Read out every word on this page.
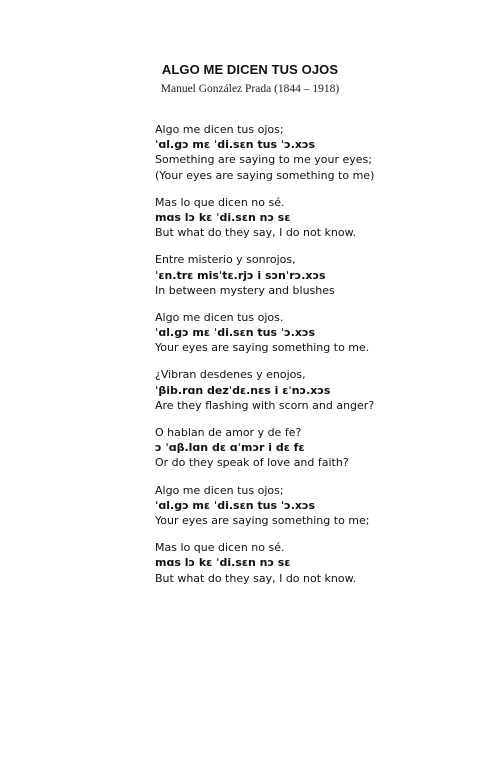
ALGO ME DICEN TUS OJOS
Manuel González Prada (1844 – 1918)
Algo me dicen tus ojos;
ˈɑl.gɔ mɛ ˈdi.sɛn tus ˈɔ.xɔs
Something are saying to me your eyes;
(Your eyes are saying something to me)
Mas lo que dicen no sé.
mɑs lɔ kɛ ˈdi.sɛn nɔ sɛ
But what do they say, I do not know.
Entre misterio y sonrojos,
ˈɛn.trɛ misˈtɛ.rjɔ i sɔnˈrɔ.xɔs
In between mystery and blushes
Algo me dicen tus ojos.
ˈɑl.gɔ mɛ ˈdi.sɛn tus ˈɔ.xɔs
Your eyes are saying something to me.
¿Vibran desdenes y enojos,
ˈβib.rɑn dezˈdɛ.nɛs i ɛˈnɔ.xɔs
Are they flashing with scorn and anger?
O hablan de amor y de fe?
ɔ ˈɑβ.lɑn dɛ ɑˈmɔr i dɛ fɛ
Or do they speak of love and faith?
Algo me dicen tus ojos;
ˈɑl.gɔ mɛ ˈdi.sɛn tus ˈɔ.xɔs
Your eyes are saying something to me;
Mas lo que dicen no sé.
mɑs lɔ kɛ ˈdi.sɛn nɔ sɛ
But what do they say, I do not know.
